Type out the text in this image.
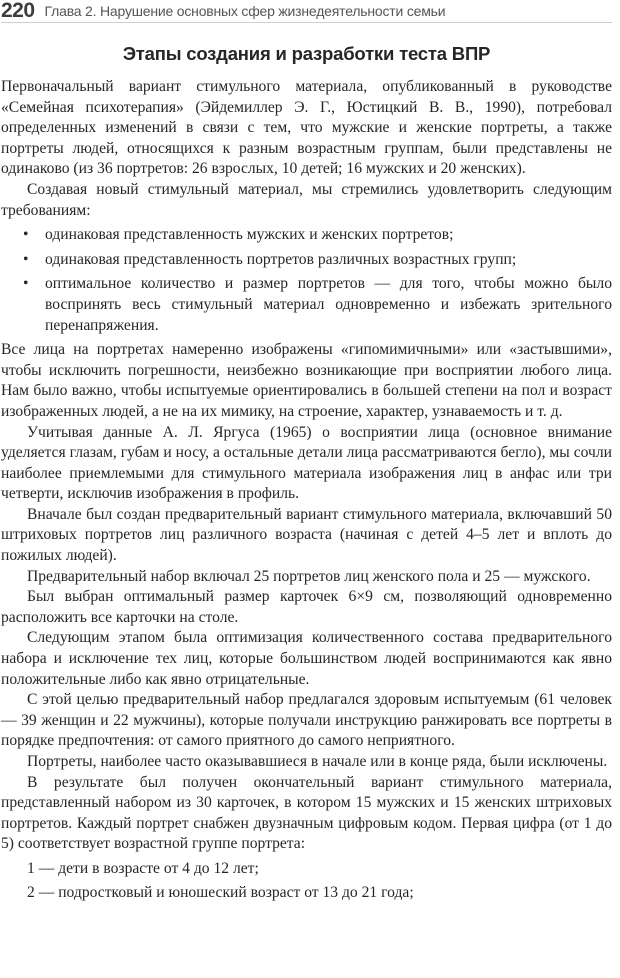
220 Глава 2. Нарушение основных сфер жизнедеятельности семьи
Этапы создания и разработки теста ВПР

Первоначальный вариант стимульного материала, опубликованный в руководстве «Семейная психотерапия» (Эйдемиллер Э. Г., Юстицкий В. В., 1990), потребовал определенных изменений в связи с тем, что мужские и женские портреты, а также портреты людей, относящихся к разным возрастным группам, были представлены не одинаково (из 36 портретов: 26 взрослых, 10 детей; 16 мужских и 20 женских).

Создавая новый стимульный материал, мы стремились удовлетворить следующим требованиям:

• одинаковая представленность мужских и женских портретов;
• одинаковая представленность портретов различных возрастных групп;
• оптимальное количество и размер портретов — для того, чтобы можно было воспринять весь стимульный материал одновременно и избежать зрительного перенапряжения.

Все лица на портретах намеренно изображены «гипомимичными» или «застывшими», чтобы исключить погрешности, неизбежно возникающие при восприятии любого лица. Нам было важно, чтобы испытуемые ориентировались в большей степени на пол и возраст изображенных людей, а не на их мимику, на строение, характер, узнаваемость и т. д.

Учитывая данные А. Л. Яргуса (1965) о восприятии лица (основное внимание уделяется глазам, губам и носу, а остальные детали лица рассматриваются бегло), мы сочли наиболее приемлемыми для стимульного материала изображения лиц в анфас или три четверти, исключив изображения в профиль.

Вначале был создан предварительный вариант стимульного материала, включавший 50 штриховых портретов лиц различного возраста (начиная с детей 4–5 лет и вплоть до пожилых людей).

Предварительный набор включал 25 портретов лиц женского пола и 25 — мужского.

Был выбран оптимальный размер карточек 6×9 см, позволяющий одновременно расположить все карточки на столе.

Следующим этапом была оптимизация количественного состава предварительного набора и исключение тех лиц, которые большинством людей воспринимаются как явно положительные либо как явно отрицательные.

С этой целью предварительный набор предлагался здоровым испытуемым (61 человек — 39 женщин и 22 мужчины), которые получали инструкцию ранжировать все портреты в порядке предпочтения: от самого приятного до самого неприятного.

Портреты, наиболее часто оказывавшиеся в начале или в конце ряда, были исключены.

В результате был получен окончательный вариант стимульного материала, представленный набором из 30 карточек, в котором 15 мужских и 15 женских штриховых портретов. Каждый портрет снабжен двузначным цифровым кодом. Первая цифра (от 1 до 5) соответствует возрастной группе портрета:

1 — дети в возрасте от 4 до 12 лет;

2 — подростковый и юношеский возраст от 13 до 21 года;
